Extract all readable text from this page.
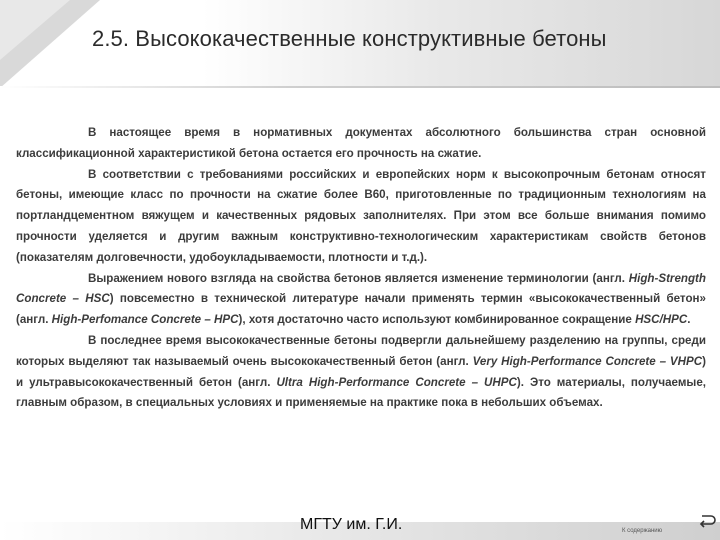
2.5. Высококачественные конструктивные бетоны

В настоящее время в нормативных документах абсолютного большинства стран основной классификационной характеристикой бетона остается его прочность на сжатие.

В соответствии с требованиями российских и европейских норм к высокопрочным бетонам относят бетоны, имеющие класс по прочности на сжатие более В60, приготовленные по традиционным технологиям на портландцементном вяжущем и качественных рядовых заполнителях. При этом все больше внимания помимо прочности уделяется и другим важным конструктивно-технологическим характеристикам свойств бетонов (показателям долговечности, удобоукладываемости, плотности и т.д.).

Выражением нового взгляда на свойства бетонов является изменение терминологии (англ. High-Strength Concrete – HSC) повсеместно в технической литературе начали применять термин «высококачественный бетон» (англ. High-Perfomance Concrete – HPC), хотя достаточно часто используют комбинированное сокращение HSC/HPC.

В последнее время высококачественные бетоны подвергли дальнейшему разделению на группы, среди которых выделяют так называемый очень высококачественный бетон (англ. Very High-Performance Concrete – VHPC) и ультравысококачественный бетон (англ. Ultra High-Performance Concrete – UHPC). Это материалы, получаемые, главным образом, в специальных условиях и применяемые на практике пока в небольших объемах.

МГТУ им. Г.И.	К содержанию
